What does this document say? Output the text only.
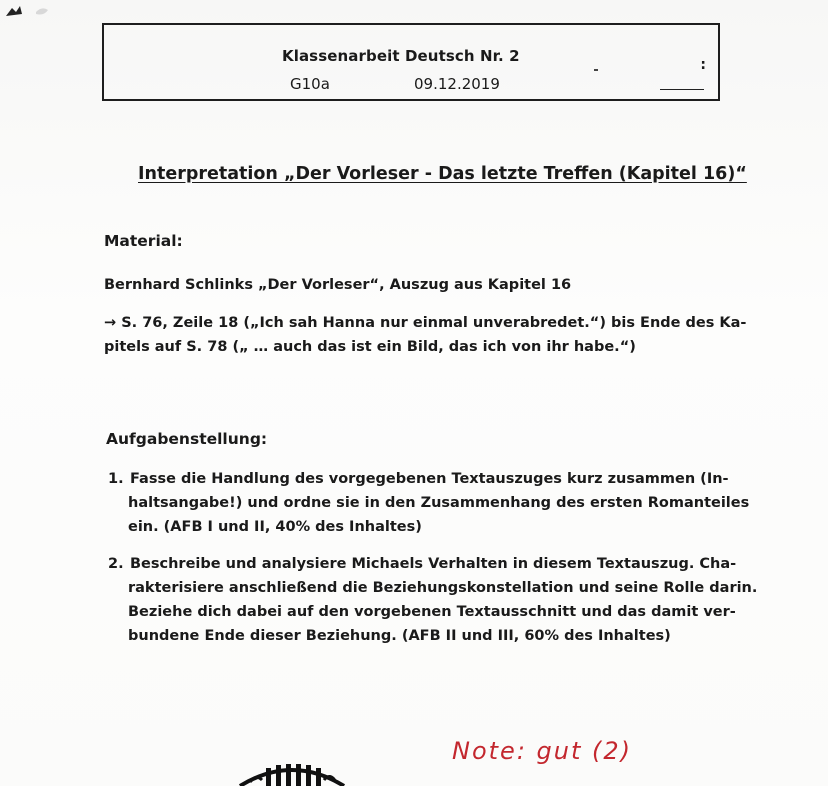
Klassenarbeit Deutsch Nr. 2
G10a	09.12.2019
:
Interpretation „Der Vorleser - Das letzte Treffen (Kapitel 16)“
Material:
Bernhard Schlinks „Der Vorleser“, Auszug aus Kapitel 16
→ S. 76, Zeile 18 („Ich sah Hanna nur einmal unverabredet.“) bis Ende des Ka-
pitels auf S. 78 („ … auch das ist ein Bild, das ich von ihr habe.“)
Aufgabenstellung:
1. Fasse die Handlung des vorgegebenen Textauszuges kurz zusammen (In-
haltsangabe!) und ordne sie in den Zusammenhang des ersten Romanteiles
ein. (AFB I und II, 40% des Inhaltes)
2. Beschreibe und analysiere Michaels Verhalten in diesem Textauszug. Cha-
rakterisiere anschließend die Beziehungskonstellation und seine Rolle darin.
Beziehe dich dabei auf den vorgebenen Textausschnitt und das damit ver-
bundene Ende dieser Beziehung. (AFB II und III, 60% des Inhaltes)
Note: gut (2)
